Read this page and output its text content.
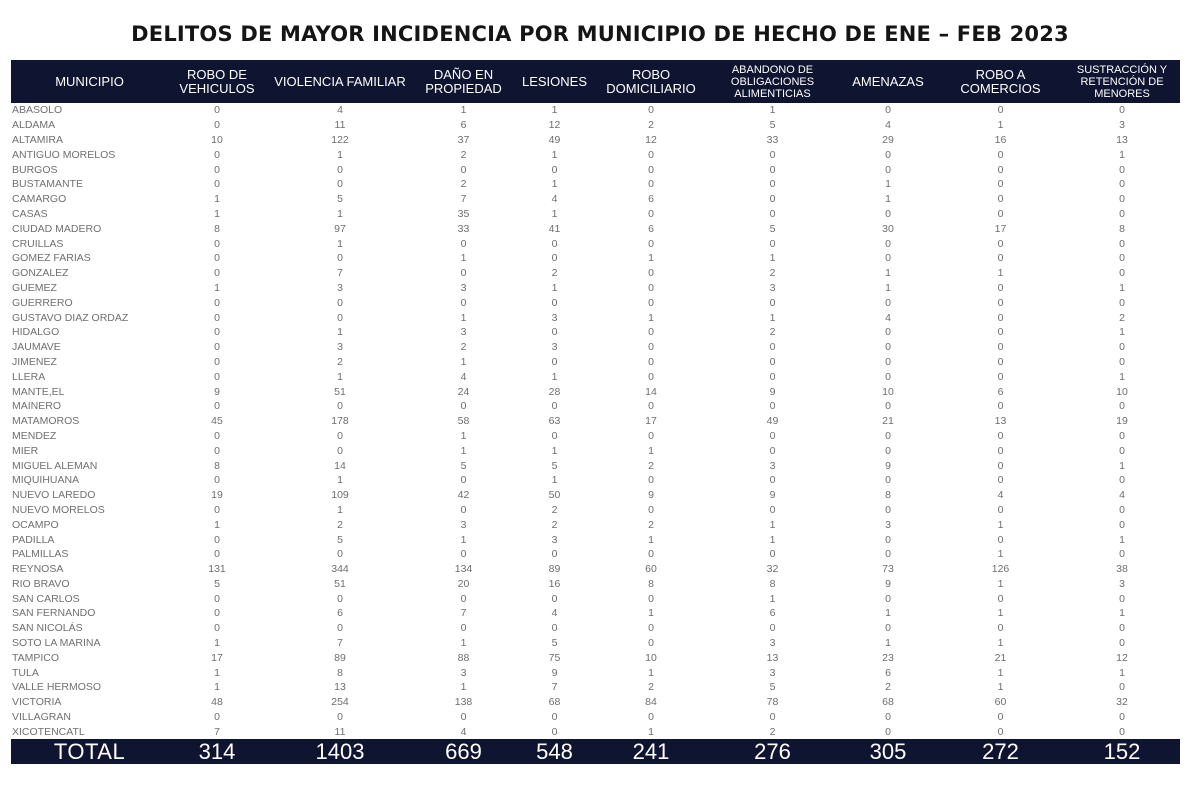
DELITOS DE MAYOR INCIDENCIA POR MUNICIPIO DE HECHO DE ENE – FEB 2023
MUNICIPIO	ROBO DE VEHICULOS	VIOLENCIA FAMILIAR	DAÑO EN PROPIEDAD	LESIONES	ROBO DOMICILIARIO	ABANDONO DE OBLIGACIONES ALIMENTICIAS	AMENAZAS	ROBO A COMERCIOS	SUSTRACCIÓN Y RETENCIÓN DE MENORES
ABASOLO	0	4	1	1	0	1	0	0	0
ALDAMA	0	11	6	12	2	5	4	1	3
ALTAMIRA	10	122	37	49	12	33	29	16	13
ANTIGUO MORELOS	0	1	2	1	0	0	0	0	1
BURGOS	0	0	0	0	0	0	0	0	0
BUSTAMANTE	0	0	2	1	0	0	1	0	0
CAMARGO	1	5	7	4	6	0	1	0	0
CASAS	1	1	35	1	0	0	0	0	0
CIUDAD MADERO	8	97	33	41	6	5	30	17	8
CRUILLAS	0	1	0	0	0	0	0	0	0
GOMEZ FARIAS	0	0	1	0	1	1	0	0	0
GONZALEZ	0	7	0	2	0	2	1	1	0
GUEMEZ	1	3	3	1	0	3	1	0	1
GUERRERO	0	0	0	0	0	0	0	0	0
GUSTAVO DIAZ ORDAZ	0	0	1	3	1	1	4	0	2
HIDALGO	0	1	3	0	0	2	0	0	1
JAUMAVE	0	3	2	3	0	0	0	0	0
JIMENEZ	0	2	1	0	0	0	0	0	0
LLERA	0	1	4	1	0	0	0	0	1
MANTE,EL	9	51	24	28	14	9	10	6	10
MAINERO	0	0	0	0	0	0	0	0	0
MATAMOROS	45	178	58	63	17	49	21	13	19
MENDEZ	0	0	1	0	0	0	0	0	0
MIER	0	0	1	1	1	0	0	0	0
MIGUEL ALEMAN	8	14	5	5	2	3	9	0	1
MIQUIHUANA	0	1	0	1	0	0	0	0	0
NUEVO LAREDO	19	109	42	50	9	9	8	4	4
NUEVO MORELOS	0	1	0	2	0	0	0	0	0
OCAMPO	1	2	3	2	2	1	3	1	0
PADILLA	0	5	1	3	1	1	0	0	1
PALMILLAS	0	0	0	0	0	0	0	1	0
REYNOSA	131	344	134	89	60	32	73	126	38
RIO BRAVO	5	51	20	16	8	8	9	1	3
SAN CARLOS	0	0	0	0	0	1	0	0	0
SAN FERNANDO	0	6	7	4	1	6	1	1	1
SAN NICOLÁS	0	0	0	0	0	0	0	0	0
SOTO LA MARINA	1	7	1	5	0	3	1	1	0
TAMPICO	17	89	88	75	10	13	23	21	12
TULA	1	8	3	9	1	3	6	1	1
VALLE HERMOSO	1	13	1	7	2	5	2	1	0
VICTORIA	48	254	138	68	84	78	68	60	32
VILLAGRAN	0	0	0	0	0	0	0	0	0
XICOTENCATL	7	11	4	0	1	2	0	0	0
TOTAL	314	1403	669	548	241	276	305	272	152
